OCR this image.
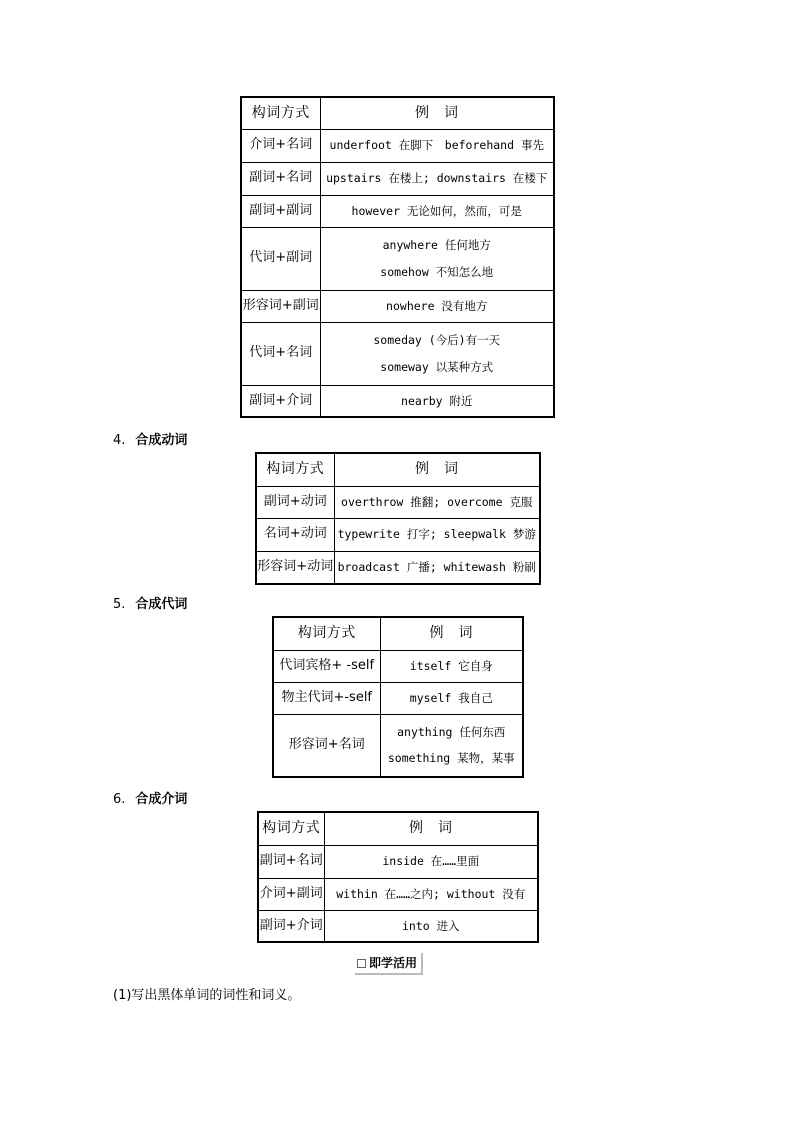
构词方式	例　词
介词+名词	underfoot 在脚下　beforehand 事先

副词+名词	upstairs 在楼上; downstairs 在楼下

副词+副词	however 无论如何，然而，可是

代词+副词	anywhere 任何地方
somehow 不知怎么地

形容词+副词	nowhere 没有地方

代词+名词	someday (今后)有一天
someway 以某种方式

副词+介词	nearby 附近
4. 合成动词
构词方式	例　词
副词+动词	overthrow 推翻; overcome 克服

名词+动词	typewrite 打字; sleepwalk 梦游

形容词+动词	broadcast 广播; whitewash 粉刷
5. 合成代词
构词方式	例　词
代词宾格+ -self	itself 它自身

物主代词+-self	myself 我自己

形容词+名词	anything 任何东西
something 某物，某事
6. 合成介词
构词方式	例　词
副词+名词	inside 在……里面

介词+副词	within 在……之内; without 没有

副词+介词	into 进入
即学活用
(1)写出黑体单词的词性和词义。
